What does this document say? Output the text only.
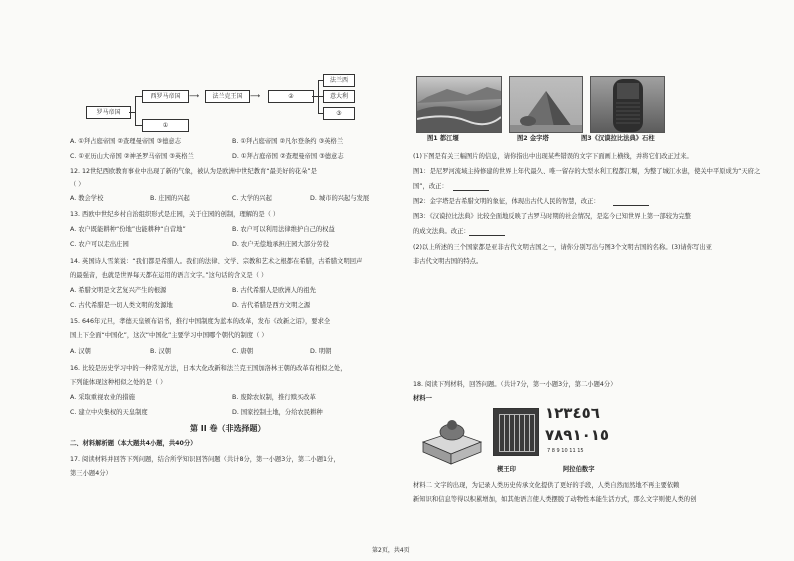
罗马帝国
西罗马帝国
①
⟶	法兰克王国	⟶	②
法兰西
意大利
③
A. ①拜占庭帝国 ②查理曼帝国 ③德意志	B. ①拜占庭帝国 ②凡尔登条约 ③英格兰
C. ①亚历山大帝国 ②神圣罗马帝国 ③英格兰	D. ①拜占庭帝国 ②查理曼帝国 ③德意志
12. 12世纪西欧教育事业中出现了新的气象，被认为是欧洲中世纪教育“最美好的花朵”是
（ ）
A. 教会学校	B. 庄园的兴起	C. 大学的兴起	D. 城市的兴起与发展
13. 西欧中世纪乡村自治组织形式是庄园，关于庄园的创制，理解的是（ ）
A. 农户既能耕种“份地”也能耕种“自营地”	B. 农户可以利用法律维护自己的权益
C. 农户可以走出庄园	D. 农户无偿地承担庄园大部分劳役
14. 英国诗人雪莱说：“我们都是希腊人。我们的法律、文学、宗教和艺术之根都在希腊，古希腊文明回声
的最强音，也就是世界每天都在运用的语言文字。”这句话的含义是（ ）
A. 希腊文明是文艺复兴产生的根源	B. 古代希腊人是欧洲人的祖先
C. 古代希腊是一切人类文明的发源地	D. 古代希腊是西方文明之源
15. 646年元旦，孝德天皇颁布诏书，推行中国制度为蓝本的改革，发布《改新之诏》，要求全
国上下全面“中国化”，这次“中国化”主要学习中国哪个朝代的制度（ ）
A. 汉朝	B. 汉朝	C. 唐朝	D. 明朝
16. 比较是历史学习中的一种常见方法，日本大化改新和法兰克王国加洛林王朝的改革有相似之处，
下列能体现这种相似之处的是（ ）
A. 采取重视农业的措施	B. 废除农奴制，推行赎买改革
C. 建立中央集权的天皇制度	D. 国家控制土地，分给农民耕种
第 II 卷（非选择题）
二、材料解析题（本大题共4小题，共40分）
17. 阅读材料并回答下列问题，结合所学知识回答问题（共计8分，第一小题3分，第二小题1分，
第三小题4分）
图1 都江堰	图2 金字塔	图3《汉谟拉比法典》石柱
(1)下图是有关三幅图片的信息，请你指出中出现某些错误的文字下面画上横线，并将它们改正过来。
图1：是尼罗河流域主持修建的世界上年代最久、唯一留存的大型水利工程都江堰，为整了城江水患，使关中平原成为“天府之
国”，改正：
图2：金字塔是古希腊文明的象征，体现出古代人民的智慧，改正：
图3：《汉谟拉比法典》比较全面地反映了古罗马时期的社会情况，是迄今已知世界上第一部较为完整
的成文法典。改正：
(2)以上所述的三个国家都是亚非古代文明古国之一，请你分别写出与图3个文明古国的名称。(3)请你写出亚
非古代文明古国的特点。
18. 阅读下列材料，回答问题。（共计7分，第一小题3分，第二小题4分）
材料一
١٢٣٤٥٦
٧٨٩١٠١٥
7 8 9 10 11 15
楔王印	阿拉伯数字
材料二 文字的出现，为记录人类历史传承文化提供了更好的手段，人类自然而然地不再主要依赖
新知识和信息等得以积累增加，如其他语言使人类摆脱了动物性本能生活方式，那么文字则使人类的创
第2页，共4页
